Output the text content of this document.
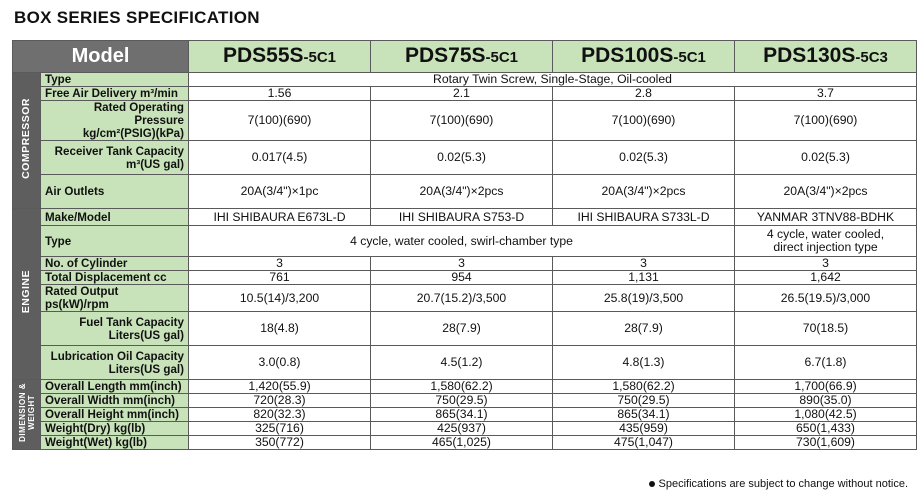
BOX SERIES SPECIFICATION
Model		PDS55S-5C1	PDS75S-5C1	PDS100S-5C1	PDS130S-5C3
COMPRESSOR	Type	Rotary Twin Screw, Single-Stage, Oil-cooled			
	Free Air Delivery m³/min	1.56	2.1	2.8	3.7
	Rated Operating Pressure
kg/cm²(PSIG)(kPa)	7(100)(690)	7(100)(690)	7(100)(690)	7(100)(690)
	Receiver Tank Capacity
m³(US gal)	0.017(4.5)	0.02(5.3)	0.02(5.3)	0.02(5.3)
	Air Outlets	20A(3/4")×1pc	20A(3/4")×2pcs	20A(3/4")×2pcs	20A(3/4")×2pcs
ENGINE	Make/Model	IHI SHIBAURA E673L-D	IHI SHIBAURA S753-D	IHI SHIBAURA S733L-D	YANMAR 3TNV88-BDHK
	Type	4 cycle, water cooled, swirl-chamber type			4 cycle, water cooled,
direct injection type
	No. of Cylinder	3	3	3	3
	Total Displacement cc	761	954	1,131	1,642
	Rated Output ps(kW)/rpm	10.5(14)/3,200	20.7(15.2)/3,500	25.8(19)/3,500	26.5(19.5)/3,000
	Fuel Tank Capacity
Liters(US gal)	18(4.8)	28(7.9)	28(7.9)	70(18.5)
	Lubrication Oil Capacity
Liters(US gal)	3.0(0.8)	4.5(1.2)	4.8(1.3)	6.7(1.8)
DIMENSION &
WEIGHT	Overall Length mm(inch)	1,420(55.9)	1,580(62.2)	1,580(62.2)	1,700(66.9)
	Overall Width mm(inch)	720(28.3)	750(29.5)	750(29.5)	890(35.0)
	Overall Height mm(inch)	820(32.3)	865(34.1)	865(34.1)	1,080(42.5)
	Weight(Dry) kg(lb)	325(716)	425(937)	435(959)	650(1,433)
	Weight(Wet) kg(lb)	350(772)	465(1,025)	475(1,047)	730(1,609)
Specifications are subject to change without notice.
